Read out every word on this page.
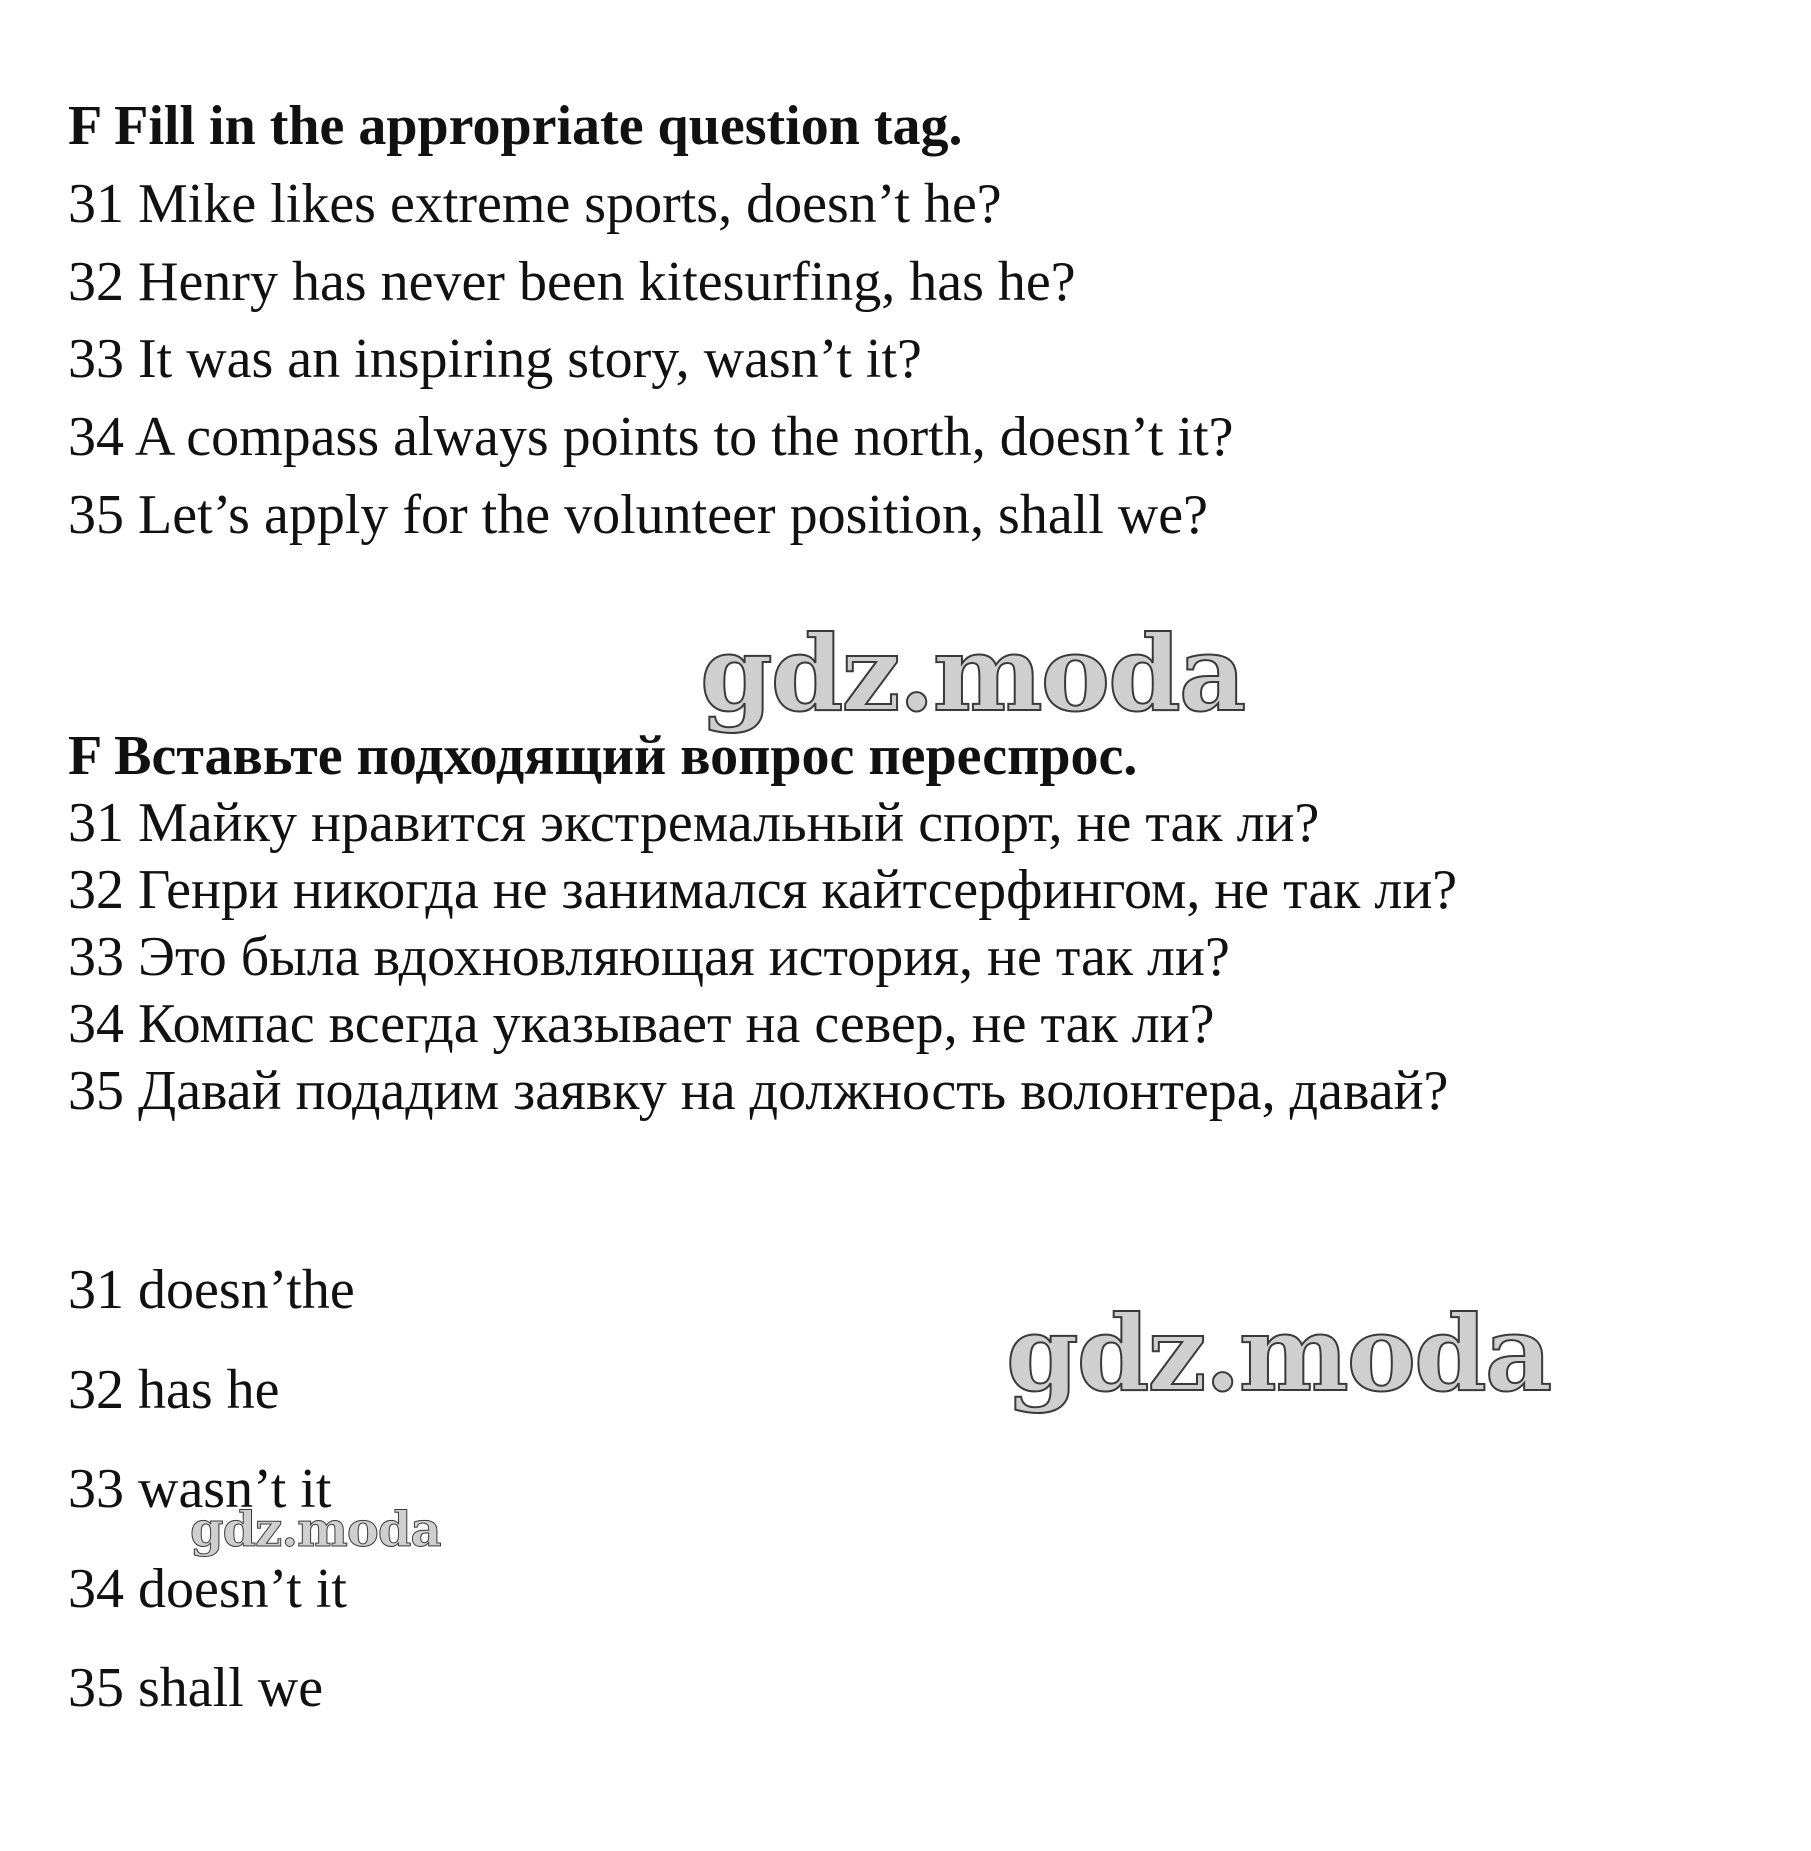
F Fill in the appropriate question tag.
31 Mike likes extreme sports, doesn’t he?
32 Henry has never been kitesurfing, has he?
33 It was an inspiring story, wasn’t it?
34 A compass always points to the north, doesn’t it?
35 Let’s apply for the volunteer position, shall we?
gdz.moda
F Вставьте подходящий вопрос переспрос.
31 Майку нравится экстремальный спорт, не так ли?
32 Генри никогда не занимался кайтсерфингом, не так ли?
33 Это была вдохновляющая история, не так ли?
34 Компас всегда указывает на север, не так ли?
35 Давай подадим заявку на должность волонтера, давай?
31 doesn’the
32 has he
33 wasn’t it
34 doesn’t it
35 shall we
gdz.moda
gdz.moda
